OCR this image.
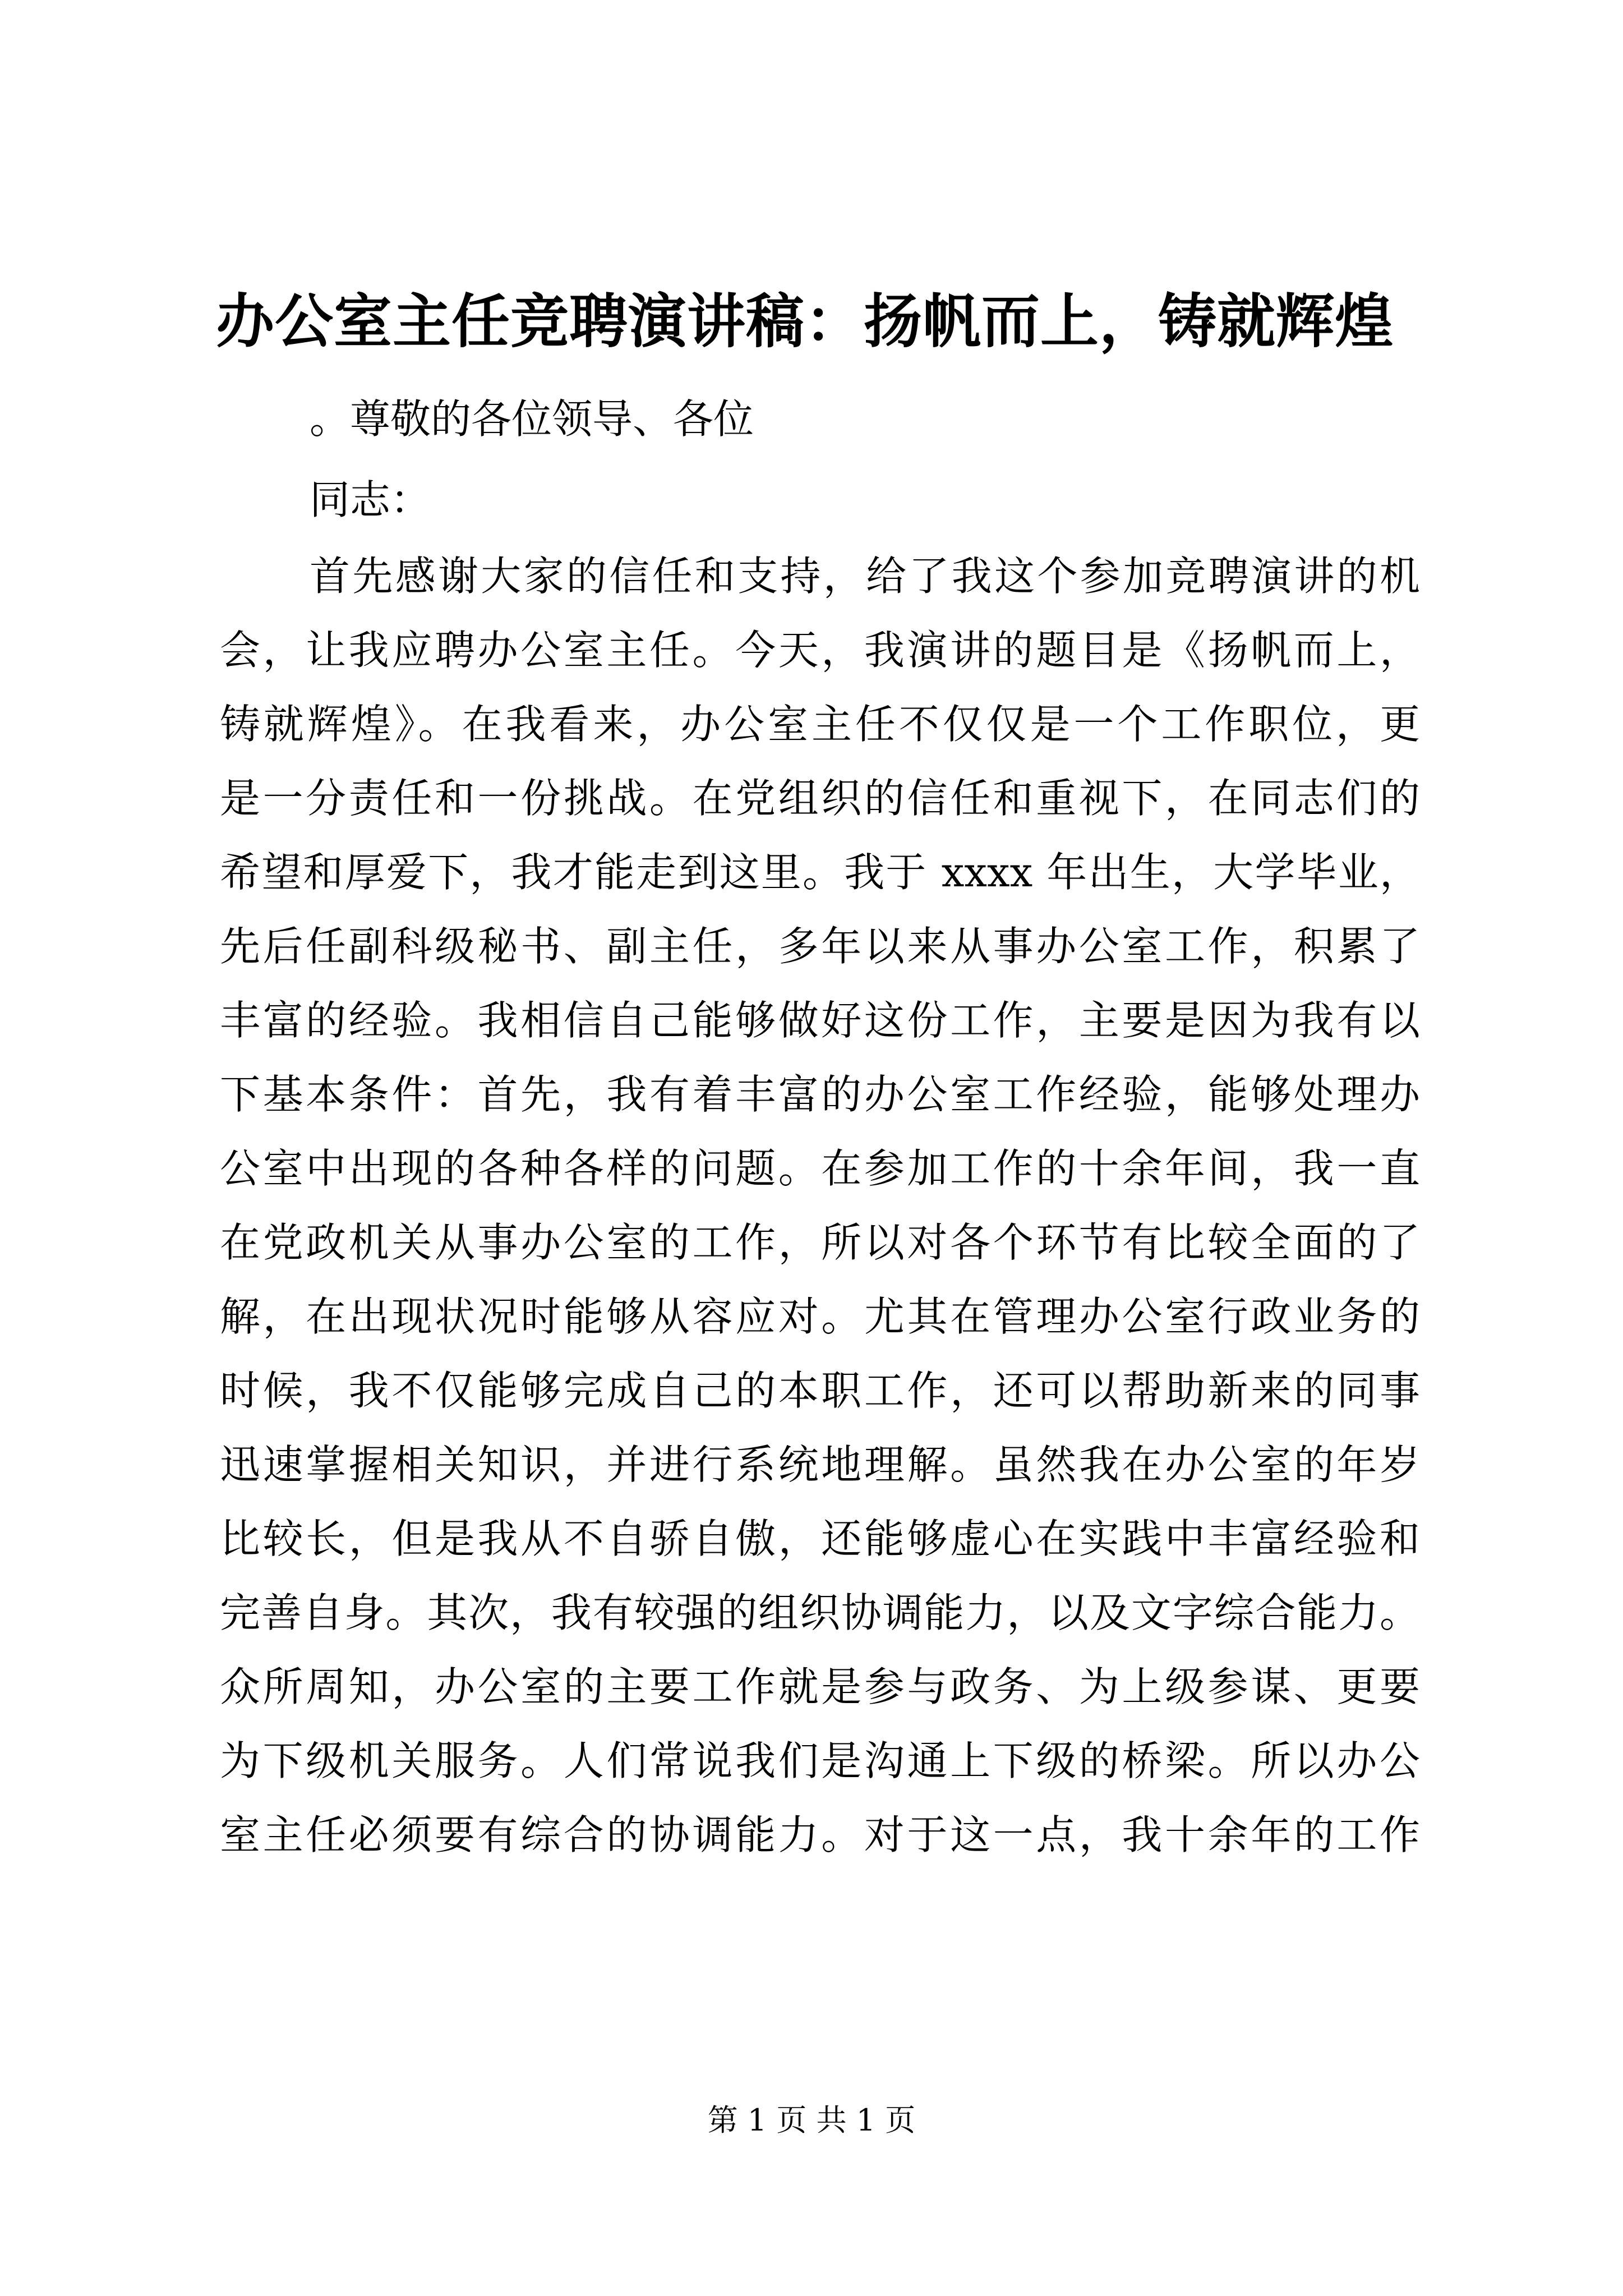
办公室主任竞聘演讲稿：扬帆而上，铸就辉煌

。尊敬的各位领导、各位

同志：

首先感谢大家的信任和支持，给了我这个参加竞聘演讲的机
会，让我应聘办公室主任。今天，我演讲的题目是《扬帆而上，
铸就辉煌》。在我看来，办公室主任不仅仅是一个工作职位，更
是一分责任和一份挑战。在党组织的信任和重视下，在同志们的
希望和厚爱下，我才能走到这里。我于 xxxx 年出生，大学毕业，
先后任副科级秘书、副主任，多年以来从事办公室工作，积累了
丰富的经验。我相信自己能够做好这份工作，主要是因为我有以
下基本条件：首先，我有着丰富的办公室工作经验，能够处理办
公室中出现的各种各样的问题。在参加工作的十余年间，我一直
在党政机关从事办公室的工作，所以对各个环节有比较全面的了
解，在出现状况时能够从容应对。尤其在管理办公室行政业务的
时候，我不仅能够完成自己的本职工作，还可以帮助新来的同事
迅速掌握相关知识，并进行系统地理解。虽然我在办公室的年岁
比较长，但是我从不自骄自傲，还能够虚心在实践中丰富经验和
完善自身。其次，我有较强的组织协调能力，以及文字综合能力。
众所周知，办公室的主要工作就是参与政务、为上级参谋、更要
为下级机关服务。人们常说我们是沟通上下级的桥梁。所以办公
室主任必须要有综合的协调能力。对于这一点，我十余年的工作

第 1 页 共 1 页
